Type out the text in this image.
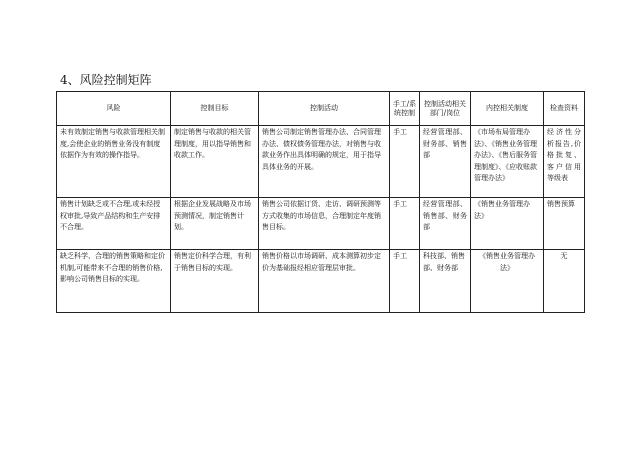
4、风险控制矩阵
风险	控制目标	控制活动	手工/系统控制	控制活动相关部门/岗位	内控相关制度	检查资料
未有效制定销售与收款管理相关制度,会使企业的销售业务没有制度依据作为有效的操作指导。	制定销售与收款的相关管理制度，用以指导销售和收款工作。	销售公司制定销售管理办法、合同管理办法、债权债务管理办法，对销售与收款业务作出具体明确的规定，用于指导具体业务的开展。	手工	经营管理部、财务部、销售部	《市场布局管理办法》、《销售业务管理办法》、《售后服务管理制度》、《应收账款管理办法》	经济性分析报告,价格批复、客户信用等级表
销售计划缺乏或不合理,或未经授权审批,导致产品结构和生产安排不合理。	根据企业发展战略及市场预测情况，制定销售计划。	销售公司依据订货、走访、调研预测等方式收集的市场信息，合理制定年度销售目标。	手工	经营管理部、销售部、财务部	《销售业务管理办法》	销售预算
缺乏科学、合理的销售策略和定价机制,可能带来不合理的销售价格,影响公司销售目标的实现。	销售定价科学合理，有利于销售目标的实现。	销售价格以市场调研、成本测算初步定价为基础报经相应管理层审批。	手工	科技部、销售部、财务部	《销售业务管理办法》	无
